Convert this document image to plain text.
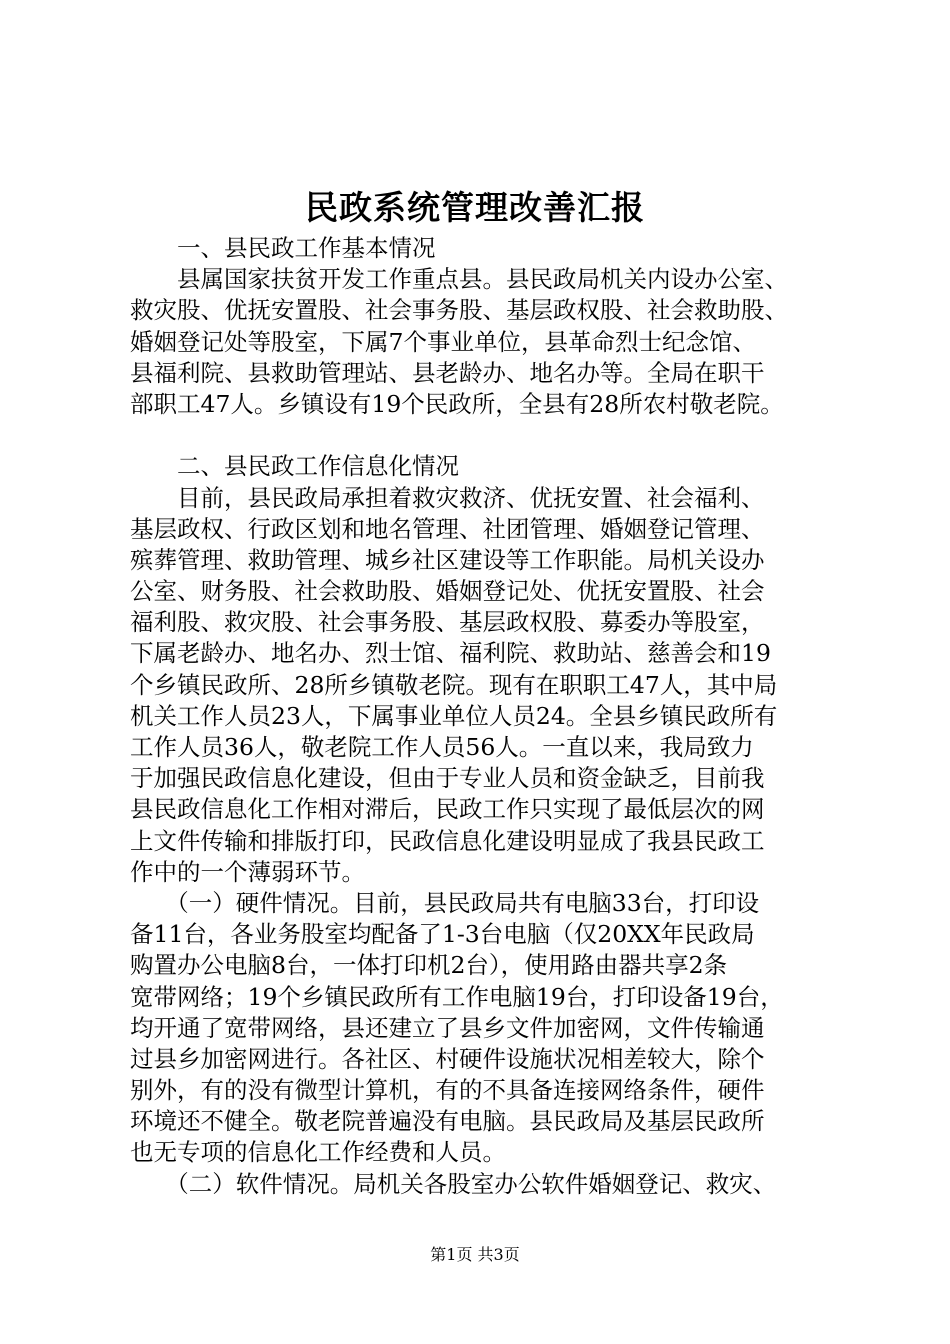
民政系统管理改善汇报
　　一、县民政工作基本情况
　　县属国家扶贫开发工作重点县。县民政局机关内设办公室、
救灾股、优抚安置股、社会事务股、基层政权股、社会救助股、
婚姻登记处等股室，下属7个事业单位，县革命烈士纪念馆、
县福利院、县救助管理站、县老龄办、地名办等。全局在职干
部职工47人。乡镇设有19个民政所，全县有28所农村敬老院。
　　二、县民政工作信息化情况
　　目前，县民政局承担着救灾救济、优抚安置、社会福利、
基层政权、行政区划和地名管理、社团管理、婚姻登记管理、
殡葬管理、救助管理、城乡社区建设等工作职能。局机关设办
公室、财务股、社会救助股、婚姻登记处、优抚安置股、社会
福利股、救灾股、社会事务股、基层政权股、募委办等股室，
下属老龄办、地名办、烈士馆、福利院、救助站、慈善会和19
个乡镇民政所、28所乡镇敬老院。现有在职职工47人，其中局
机关工作人员23人，下属事业单位人员24。全县乡镇民政所有
工作人员36人，敬老院工作人员56人。一直以来，我局致力
于加强民政信息化建设，但由于专业人员和资金缺乏，目前我
县民政信息化工作相对滞后，民政工作只实现了最低层次的网
上文件传输和排版打印，民政信息化建设明显成了我县民政工
作中的一个薄弱环节。
　　（一）硬件情况。目前，县民政局共有电脑33台，打印设
备11台，各业务股室均配备了1-3台电脑（仅20XX年民政局
购置办公电脑8台，一体打印机2台），使用路由器共享2条
宽带网络；19个乡镇民政所有工作电脑19台，打印设备19台，
均开通了宽带网络，县还建立了县乡文件加密网，文件传输通
过县乡加密网进行。各社区、村硬件设施状况相差较大，除个
别外，有的没有微型计算机，有的不具备连接网络条件，硬件
环境还不健全。敬老院普遍没有电脑。县民政局及基层民政所
也无专项的信息化工作经费和人员。
　　（二）软件情况。局机关各股室办公软件婚姻登记、救灾、
第1页 共3页
